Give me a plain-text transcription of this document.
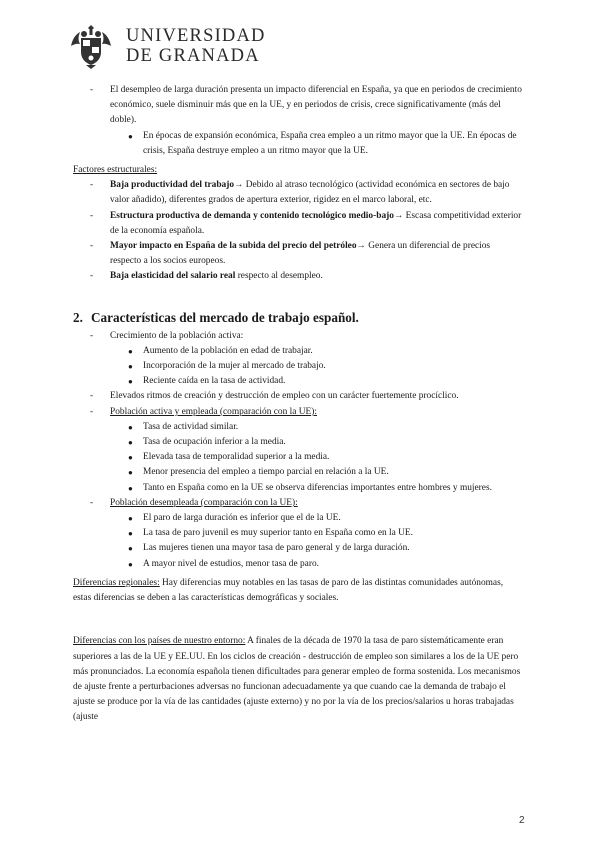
UNIVERSIDAD
DE GRANADA
- El desempleo de larga duración presenta un impacto diferencial en España, ya que en periodos de crecimiento económico, suele disminuir más que en la UE, y en periodos de crisis, crece significativamente (más del doble).
● En épocas de expansión económica, España crea empleo a un ritmo mayor que la UE. En épocas de crisis, España destruye empleo a un ritmo mayor que la UE.
Factores estructurales:
- Baja productividad del trabajo→ Debido al atraso tecnológico (actividad económica en sectores de bajo valor añadido), diferentes grados de apertura exterior, rigidez en el marco laboral, etc.
- Estructura productiva de demanda y contenido tecnológico medio-bajo→ Escasa competitividad exterior de la economía española.
- Mayor impacto en España de la subida del precio del petróleo→ Genera un diferencial de precios respecto a los socios europeos.
- Baja elasticidad del salario real respecto al desempleo.
2. Características del mercado de trabajo español.
- Crecimiento de la población activa:
● Aumento de la población en edad de trabajar.
● Incorporación de la mujer al mercado de trabajo.
● Reciente caída en la tasa de actividad.
- Elevados ritmos de creación y destrucción de empleo con un carácter fuertemente procíclico.
- Población activa y empleada (comparación con la UE):
● Tasa de actividad similar.
● Tasa de ocupación inferior a la media.
● Elevada tasa de temporalidad superior a la media.
● Menor presencia del empleo a tiempo parcial en relación a la UE.
● Tanto en España como en la UE se observa diferencias importantes entre hombres y mujeres.
- Población desempleada (comparación con la UE):
● El paro de larga duración es inferior que el de la UE.
● La tasa de paro juvenil es muy superior tanto en España como en la UE.
● Las mujeres tienen una mayor tasa de paro general y de larga duración.
● A mayor nivel de estudios, menor tasa de paro.
Diferencias regionales: Hay diferencias muy notables en las tasas de paro de las distintas comunidades autónomas, estas diferencias se deben a las características demográficas y sociales.
Diferencias con los países de nuestro entorno: A finales de la década de 1970 la tasa de paro sistemáticamente eran superiores a las de la UE y EE.UU. En los ciclos de creación - destrucción de empleo son similares a los de la UE pero más pronunciados. La economía española tienen dificultades para generar empleo de forma sostenida. Los mecanismos de ajuste frente a perturbaciones adversas no funcionan adecuadamente ya que cuando cae la demanda de trabajo el ajuste se produce por la vía de las cantidades (ajuste externo) y no por la vía de los precios/salarios u horas trabajadas (ajuste
2
